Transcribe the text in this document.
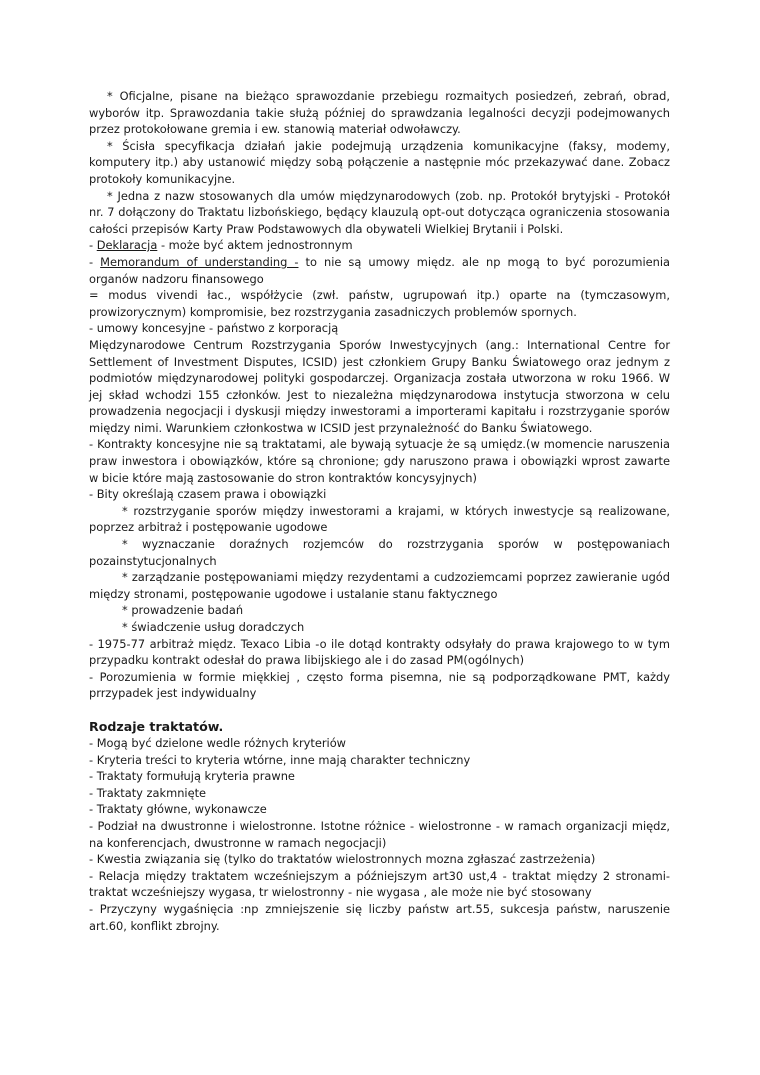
* Oficjalne, pisane na bieżąco sprawozdanie przebiegu rozmaitych posiedzeń, zebrań, obrad, wyborów itp. Sprawozdania takie służą później do sprawdzania legalności decyzji podejmowanych przez protokołowane gremia i ew. stanowią materiał odwoławczy.

* Ścisła specyfikacja działań jakie podejmują urządzenia komunikacyjne (faksy, modemy, komputery itp.) aby ustanowić między sobą połączenie a następnie móc przekazywać dane. Zobacz protokoły komunikacyjne.

* Jedna z nazw stosowanych dla umów międzynarodowych (zob. np. Protokół brytyjski - Protokół nr. 7 dołączony do Traktatu lizbońskiego, będący klauzulą opt-out dotycząca ograniczenia stosowania całości przepisów Karty Praw Podstawowych dla obywateli Wielkiej Brytanii i Polski.

- Deklaracja - może być aktem jednostronnym

- Memorandum of understanding - to nie są umowy międz. ale np mogą to być porozumienia organów nadzoru finansowego

= modus vivendi łac., współżycie (zwł. państw, ugrupowań itp.) oparte na (tymczasowym, prowizorycznym) kompromisie, bez rozstrzygania zasadniczych problemów spornych.

- umowy koncesyjne - państwo z korporacją

Międzynarodowe Centrum Rozstrzygania Sporów Inwestycyjnych (ang.: International Centre for Settlement of Investment Disputes, ICSID) jest członkiem Grupy Banku Światowego oraz jednym z podmiotów międzynarodowej polityki gospodarczej. Organizacja została utworzona w roku 1966. W jej skład wchodzi 155 członków. Jest to niezależna międzynarodowa instytucja stworzona w celu prowadzenia negocjacji i dyskusji między inwestorami a importerami kapitału i rozstrzyganie sporów między nimi. Warunkiem członkostwa w ICSID jest przynależność do Banku Światowego.

- Kontrakty koncesyjne nie są traktatami, ale bywają sytuacje że są umiędz.(w momencie naruszenia praw inwestora i obowiązków, które są chronione; gdy naruszono prawa i obowiązki wprost zawarte w bicie które mają zastosowanie do stron kontraktów koncysyjnych)

- Bity określają czasem prawa i obowiązki

* rozstrzyganie sporów między inwestorami a krajami, w których inwestycje są realizowane, poprzez arbitraż i postępowanie ugodowe

* wyznaczanie doraźnych rozjemców do rozstrzygania sporów w postępowaniach pozainstytucjonalnych

* zarządzanie postępowaniami między rezydentami a cudzoziemcami poprzez zawieranie ugód między stronami, postępowanie ugodowe i ustalanie stanu faktycznego

* prowadzenie badań

* świadczenie usług doradczych

- 1975-77 arbitraż międz. Texaco Libia -o ile dotąd kontrakty odsyłały do prawa krajowego to w tym przypadku kontrakt odesłał do prawa libijskiego ale i do zasad PM(ogólnych)

- Porozumienia w formie miękkiej , często forma pisemna, nie są podporządkowane PMT, każdy prrzypadek jest indywidualny

Rodzaje traktatów.

- Mogą być dzielone wedle różnych kryteriów

- Kryteria treści to kryteria wtórne, inne mają charakter techniczny

- Traktaty formułują kryteria prawne

- Traktaty zakmnięte

- Traktaty główne, wykonawcze

- Podział na dwustronne i wielostronne. Istotne różnice - wielostronne - w ramach organizacji międz, na konferencjach, dwustronne w ramach negocjacji)

- Kwestia związania się (tylko do traktatów wielostronnych mozna zgłaszać zastrzeżenia)

- Relacja między traktatem wcześniejszym a późniejszym art30 ust,4 - traktat między 2 stronami-traktat wcześniejszy wygasa, tr wielostronny - nie wygasa , ale może nie być stosowany

- Przyczyny wygaśnięcia :np zmniejszenie się liczby państw art.55, sukcesja państw, naruszenie art.60, konflikt zbrojny.
